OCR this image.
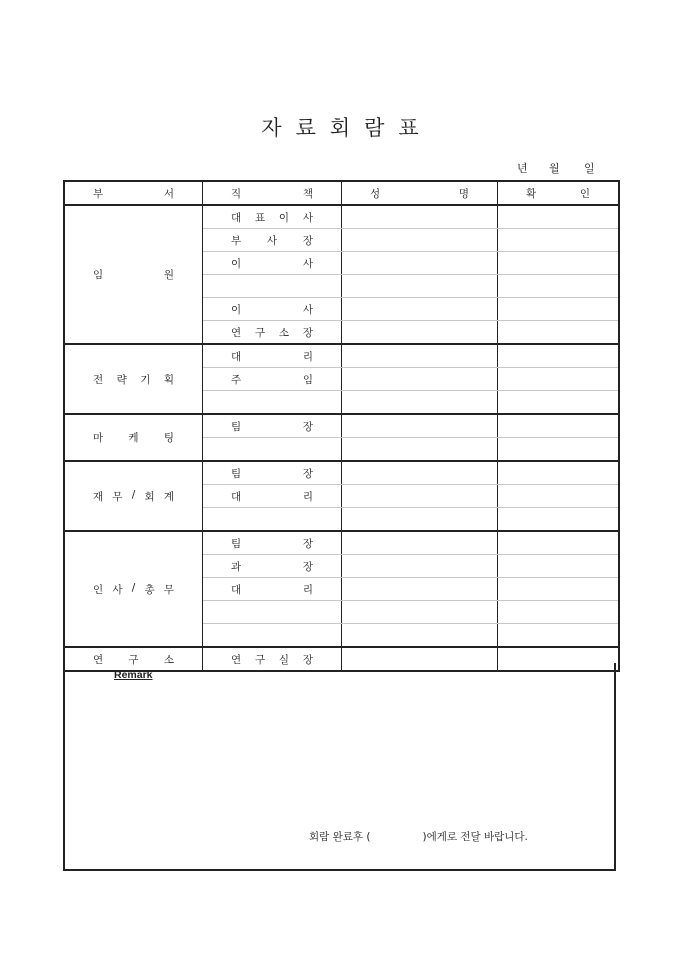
자료회람표
년 월 일
부 서	직 책	성 명	확 인

임 원	대 표 이 사		

	부 사 장		

	이 사		

	이 사		

	연 구 소 장		

전 략 기 획	대 리		

	주 임		

마 케 팅	팀 장		

재 무 / 회 계	팀 장		

	대 리		

인 사 / 총 무	팀 장		

	과 장		

	대 리		

연 구 소	연 구 실 장		

Remark
회람 완료후 (	)에게로 전달 바랍니다.
